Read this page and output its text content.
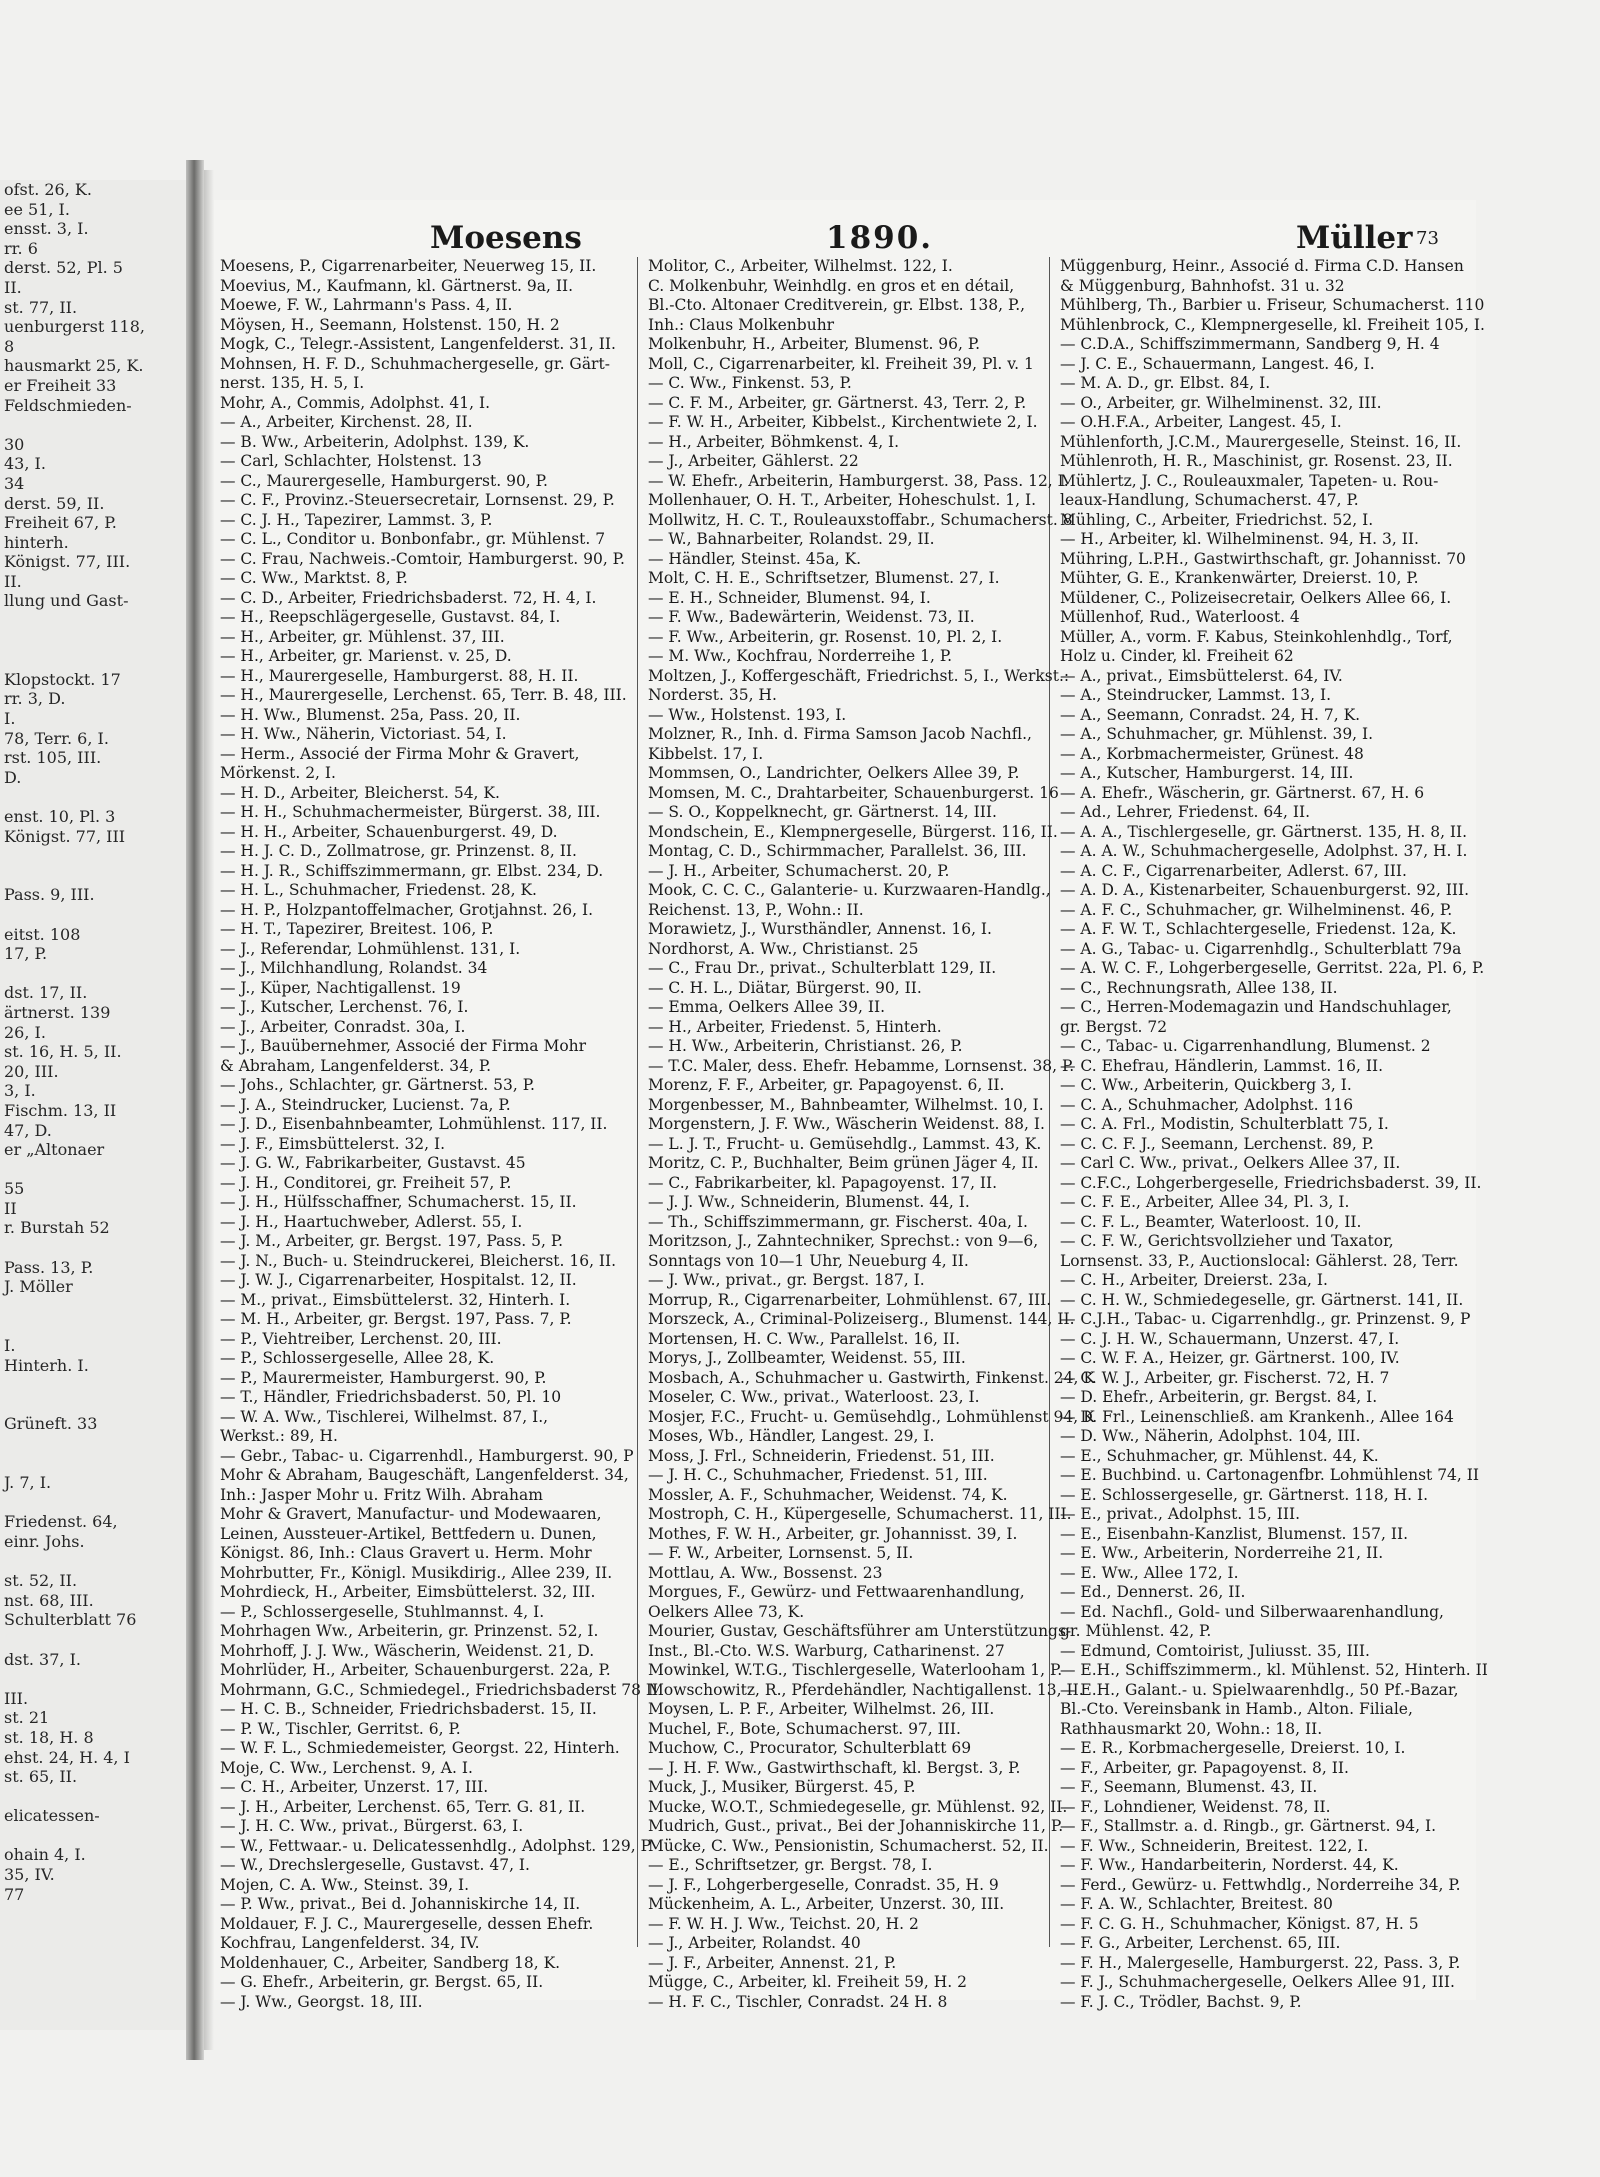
ofst. 26, K.
ee 51, I.
ensst. 3, I.
rr. 6
derst. 52, Pl. 5
II.
st. 77, II.
uenburgerst 118,
8
hausmarkt 25, K.
er Freiheit 33
Feldschmieden-

30
43, I.
34
derst. 59, II.
Freiheit 67, P.
hinterh.
Königst. 77, III.
II.
llung und Gast-

Klopstockt. 17
rr. 3, D.
I.
78, Terr. 6, I.
rst. 105, III.
D.

enst. 10, Pl. 3
Königst. 77, III

Pass. 9, III.

eitst. 108
17, P.

dst. 17, II.
ärtnerst. 139
26, I.
st. 16, H. 5, II.
20, III.
3, I.
Fischm. 13, II
47, D.
er „Altonaer

55
II
r. Burstah 52

Pass. 13, P.
J. Möller

I.
Hinterh. I.

Grüneft. 33

J. 7, I.

Friedenst. 64,
einr. Johs.

st. 52, II.
nst. 68, III.
Schulterblatt 76

dst. 37, I.

III.
st. 21
st. 18, H. 8
ehst. 24, H. 4, I
st. 65, II.

elicatessen-

ohain 4, I.
35, IV.
77
Moesens	1890.	Müller 73
Moesens, P., Cigarrenarbeiter, Neuerweg 15, II.
Moevius, M., Kaufmann, kl. Gärtnerst. 9a, II.
Moewe, F. W., Lahrmann's Pass. 4, II.
Möysen, H., Seemann, Holstenst. 150, H. 2
Mogk, C., Telegr.-Assistent, Langenfelderst. 31, II.
Mohnsen, H. F. D., Schuhmachergeselle, gr. Gärt-
nerst. 135, H. 5, I.
Mohr, A., Commis, Adolphst. 41, I.
— A., Arbeiter, Kirchenst. 28, II.
— B. Ww., Arbeiterin, Adolphst. 139, K.
— Carl, Schlachter, Holstenst. 13
— C., Maurergeselle, Hamburgerst. 90, P.
— C. F., Provinz.-Steuersecretair, Lornsenst. 29, P.
— C. J. H., Tapezirer, Lammst. 3, P.
— C. L., Conditor u. Bonbonfabr., gr. Mühlenst. 7
— C. Frau, Nachweis.-Comtoir, Hamburgerst. 90, P.
— C. Ww., Marktst. 8, P.
— C. D., Arbeiter, Friedrichsbaderst. 72, H. 4, I.
— H., Reepschlägergeselle, Gustavst. 84, I.
— H., Arbeiter, gr. Mühlenst. 37, III.
— H., Arbeiter, gr. Marienst. v. 25, D.
— H., Maurergeselle, Hamburgerst. 88, H. II.
— H., Maurergeselle, Lerchenst. 65, Terr. B. 48, III.
— H. Ww., Blumenst. 25a, Pass. 20, II.
— H. Ww., Näherin, Victoriast. 54, I.
— Herm., Associé der Firma Mohr & Gravert,
Mörkenst. 2, I.
— H. D., Arbeiter, Bleicherst. 54, K.
— H. H., Schuhmachermeister, Bürgerst. 38, III.
— H. H., Arbeiter, Schauenburgerst. 49, D.
— H. J. C. D., Zollmatrose, gr. Prinzenst. 8, II.
— H. J. R., Schiffszimmermann, gr. Elbst. 234, D.
— H. L., Schuhmacher, Friedenst. 28, K.
— H. P., Holzpantoffelmacher, Grotjahnst. 26, I.
— H. T., Tapezirer, Breitest. 106, P.
— J., Referendar, Lohmühlenst. 131, I.
— J., Milchhandlung, Rolandst. 34
— J., Küper, Nachtigallenst. 19
— J., Kutscher, Lerchenst. 76, I.
— J., Arbeiter, Conradst. 30a, I.
— J., Bauübernehmer, Associé der Firma Mohr
& Abraham, Langenfelderst. 34, P.
— Johs., Schlachter, gr. Gärtnerst. 53, P.
— J. A., Steindrucker, Lucienst. 7a, P.
— J. D., Eisenbahnbeamter, Lohmühlenst. 117, II.
— J. F., Eimsbüttelerst. 32, I.
— J. G. W., Fabrikarbeiter, Gustavst. 45
— J. H., Conditorei, gr. Freiheit 57, P.
— J. H., Hülfsschaffner, Schumacherst. 15, II.
— J. H., Haartuchweber, Adlerst. 55, I.
— J. M., Arbeiter, gr. Bergst. 197, Pass. 5, P.
— J. N., Buch- u. Steindruckerei, Bleicherst. 16, II.
— J. W. J., Cigarrenarbeiter, Hospitalst. 12, II.
— M., privat., Eimsbüttelerst. 32, Hinterh. I.
— M. H., Arbeiter, gr. Bergst. 197, Pass. 7, P.
— P., Viehtreiber, Lerchenst. 20, III.
— P., Schlossergeselle, Allee 28, K.
— P., Maurermeister, Hamburgerst. 90, P.
— T., Händler, Friedrichsbaderst. 50, Pl. 10
— W. A. Ww., Tischlerei, Wilhelmst. 87, I.,
Werkst.: 89, H.
— Gebr., Tabac- u. Cigarrenhdl., Hamburgerst. 90, P
Mohr & Abraham, Baugeschäft, Langenfelderst. 34,
Inh.: Jasper Mohr u. Fritz Wilh. Abraham
Mohr & Gravert, Manufactur- und Modewaaren,
Leinen, Aussteuer-Artikel, Bettfedern u. Dunen,
Königst. 86, Inh.: Claus Gravert u. Herm. Mohr
Mohrbutter, Fr., Königl. Musikdirig., Allee 239, II.
Mohrdieck, H., Arbeiter, Eimsbüttelerst. 32, III.
— P., Schlossergeselle, Stuhlmannst. 4, I.
Mohrhagen Ww., Arbeiterin, gr. Prinzenst. 52, I.
Mohrhoff, J. J. Ww., Wäscherin, Weidenst. 21, D.
Mohrlüder, H., Arbeiter, Schauenburgerst. 22a, P.
Mohrmann, G.C., Schmiedegel., Friedrichsbaderst 78 II
— H. C. B., Schneider, Friedrichsbaderst. 15, II.
— P. W., Tischler, Gerritst. 6, P.
— W. F. L., Schmiedemeister, Georgst. 22, Hinterh.
Moje, C. Ww., Lerchenst. 9, A. I.
— C. H., Arbeiter, Unzerst. 17, III.
— J. H., Arbeiter, Lerchenst. 65, Terr. G. 81, II.
— J. H. C. Ww., privat., Bürgerst. 63, I.
— W., Fettwaar.- u. Delicatessenhdlg., Adolphst. 129, P
— W., Drechslergeselle, Gustavst. 47, I.
Mojen, C. A. Ww., Steinst. 39, I.
— P. Ww., privat., Bei d. Johanniskirche 14, II.
Moldauer, F. J. C., Maurergeselle, dessen Ehefr.
Kochfrau, Langenfelderst. 34, IV.
Moldenhauer, C., Arbeiter, Sandberg 18, K.
— G. Ehefr., Arbeiterin, gr. Bergst. 65, II.
— J. Ww., Georgst. 18, III.
Molitor, C., Arbeiter, Wilhelmst. 122, I.
C. Molkenbuhr, Weinhdlg. en gros et en détail,
Bl.-Cto. Altonaer Creditverein, gr. Elbst. 138, P.,
Inh.: Claus Molkenbuhr
Molkenbuhr, H., Arbeiter, Blumenst. 96, P.
Moll, C., Cigarrenarbeiter, kl. Freiheit 39, Pl. v. 1
— C. Ww., Finkenst. 53, P.
— C. F. M., Arbeiter, gr. Gärtnerst. 43, Terr. 2, P.
— F. W. H., Arbeiter, Kibbelst., Kirchentwiete 2, I.
— H., Arbeiter, Böhmkenst. 4, I.
— J., Arbeiter, Gählerst. 22
— W. Ehefr., Arbeiterin, Hamburgerst. 38, Pass. 12, I.
Mollenhauer, O. H. T., Arbeiter, Hoheschulst. 1, I.
Mollwitz, H. C. T., Rouleauxstoffabr., Schumacherst. 8
— W., Bahnarbeiter, Rolandst. 29, II.
— Händler, Steinst. 45a, K.
Molt, C. H. E., Schriftsetzer, Blumenst. 27, I.
— E. H., Schneider, Blumenst. 94, I.
— F. Ww., Badewärterin, Weidenst. 73, II.
— F. Ww., Arbeiterin, gr. Rosenst. 10, Pl. 2, I.
— M. Ww., Kochfrau, Norderreihe 1, P.
Moltzen, J., Koffergeschäft, Friedrichst. 5, I., Werkst.:
Norderst. 35, H.
— Ww., Holstenst. 193, I.
Molzner, R., Inh. d. Firma Samson Jacob Nachfl.,
Kibbelst. 17, I.
Mommsen, O., Landrichter, Oelkers Allee 39, P.
Momsen, M. C., Drahtarbeiter, Schauenburgerst. 16
— S. O., Koppelknecht, gr. Gärtnerst. 14, III.
Mondschein, E., Klempnergeselle, Bürgerst. 116, II.
Montag, C. D., Schirmmacher, Parallelst. 36, III.
— J. H., Arbeiter, Schumacherst. 20, P.
Mook, C. C. C., Galanterie- u. Kurzwaaren-Handlg.,
Reichenst. 13, P., Wohn.: II.
Morawietz, J., Wursthändler, Annenst. 16, I.
Nordhorst, A. Ww., Christianst. 25
— C., Frau Dr., privat., Schulterblatt 129, II.
— C. H. L., Diätar, Bürgerst. 90, II.
— Emma, Oelkers Allee 39, II.
— H., Arbeiter, Friedenst. 5, Hinterh.
— H. Ww., Arbeiterin, Christianst. 26, P.
— T.C. Maler, dess. Ehefr. Hebamme, Lornsenst. 38, P.
Morenz, F. F., Arbeiter, gr. Papagoyenst. 6, II.
Morgenbesser, M., Bahnbeamter, Wilhelmst. 10, I.
Morgenstern, J. F. Ww., Wäscherin Weidenst. 88, I.
— L. J. T., Frucht- u. Gemüsehdlg., Lammst. 43, K.
Moritz, C. P., Buchhalter, Beim grünen Jäger 4, II.
— C., Fabrikarbeiter, kl. Papagoyenst. 17, II.
— J. J. Ww., Schneiderin, Blumenst. 44, I.
— Th., Schiffszimmermann, gr. Fischerst. 40a, I.
Moritzson, J., Zahntechniker, Sprechst.: von 9—6,
Sonntags von 10—1 Uhr, Neueburg 4, II.
— J. Ww., privat., gr. Bergst. 187, I.
Morrup, R., Cigarrenarbeiter, Lohmühlenst. 67, III.
Morszeck, A., Criminal-Polizeiserg., Blumenst. 144, II.
Mortensen, H. C. Ww., Parallelst. 16, II.
Morys, J., Zollbeamter, Weidenst. 55, III.
Mosbach, A., Schuhmacher u. Gastwirth, Finkenst. 24, K
Moseler, C. Ww., privat., Waterloost. 23, I.
Mosjer, F.C., Frucht- u. Gemüsehdlg., Lohmühlenst 94, K
Moses, Wb., Händler, Langest. 29, I.
Moss, J. Frl., Schneiderin, Friedenst. 51, III.
— J. H. C., Schuhmacher, Friedenst. 51, III.
Mossler, A. F., Schuhmacher, Weidenst. 74, K.
Mostroph, C. H., Küpergeselle, Schumacherst. 11, III.
Mothes, F. W. H., Arbeiter, gr. Johannisst. 39, I.
— F. W., Arbeiter, Lornsenst. 5, II.
Mottlau, A. Ww., Bossenst. 23
Morgues, F., Gewürz- und Fettwaarenhandlung,
Oelkers Allee 73, K.
Mourier, Gustav, Geschäftsführer am Unterstützungs-
Inst., Bl.-Cto. W.S. Warburg, Catharinenst. 27
Mowinkel, W.T.G., Tischlergeselle, Waterlooham 1, P.
Mowschowitz, R., Pferdehändler, Nachtigallenst. 13, II.
Moysen, L. P. F., Arbeiter, Wilhelmst. 26, III.
Muchel, F., Bote, Schumacherst. 97, III.
Muchow, C., Procurator, Schulterblatt 69
— J. H. F. Ww., Gastwirthschaft, kl. Bergst. 3, P.
Muck, J., Musiker, Bürgerst. 45, P.
Mucke, W.O.T., Schmiedegeselle, gr. Mühlenst. 92, II.
Mudrich, Gust., privat., Bei der Johanniskirche 11, P.
Mücke, C. Ww., Pensionistin, Schumacherst. 52, II.
— E., Schriftsetzer, gr. Bergst. 78, I.
— J. F., Lohgerbergeselle, Conradst. 35, H. 9
Mückenheim, A. L., Arbeiter, Unzerst. 30, III.
— F. W. H. J. Ww., Teichst. 20, H. 2
— J., Arbeiter, Rolandst. 40
— J. F., Arbeiter, Annenst. 21, P.
Mügge, C., Arbeiter, kl. Freiheit 59, H. 2
— H. F. C., Tischler, Conradst. 24 H. 8
Müggenburg, Heinr., Associé d. Firma C.D. Hansen
& Müggenburg, Bahnhofst. 31 u. 32
Mühlberg, Th., Barbier u. Friseur, Schumacherst. 110
Mühlenbrock, C., Klempnergeselle, kl. Freiheit 105, I.
— C.D.A., Schiffszimmermann, Sandberg 9, H. 4
— J. C. E., Schauermann, Langest. 46, I.
— M. A. D., gr. Elbst. 84, I.
— O., Arbeiter, gr. Wilhelminenst. 32, III.
— O.H.F.A., Arbeiter, Langest. 45, I.
Mühlenforth, J.C.M., Maurergeselle, Steinst. 16, II.
Mühlenroth, H. R., Maschinist, gr. Rosenst. 23, II.
Mühlertz, J. C., Rouleauxmaler, Tapeten- u. Rou-
leaux-Handlung, Schumacherst. 47, P.
Mühling, C., Arbeiter, Friedrichst. 52, I.
— H., Arbeiter, kl. Wilhelminenst. 94, H. 3, II.
Mühring, L.P.H., Gastwirthschaft, gr. Johannisst. 70
Mühter, G. E., Krankenwärter, Dreierst. 10, P.
Müldener, C., Polizeisecretair, Oelkers Allee 66, I.
Müllenhof, Rud., Waterloost. 4
Müller, A., vorm. F. Kabus, Steinkohlenhdlg., Torf,
Holz u. Cinder, kl. Freiheit 62
— A., privat., Eimsbüttelerst. 64, IV.
— A., Steindrucker, Lammst. 13, I.
— A., Seemann, Conradst. 24, H. 7, K.
— A., Schuhmacher, gr. Mühlenst. 39, I.
— A., Korbmachermeister, Grünest. 48
— A., Kutscher, Hamburgerst. 14, III.
— A. Ehefr., Wäscherin, gr. Gärtnerst. 67, H. 6
— Ad., Lehrer, Friedenst. 64, II.
— A. A., Tischlergeselle, gr. Gärtnerst. 135, H. 8, II.
— A. A. W., Schuhmachergeselle, Adolphst. 37, H. I.
— A. C. F., Cigarrenarbeiter, Adlerst. 67, III.
— A. D. A., Kistenarbeiter, Schauenburgerst. 92, III.
— A. F. C., Schuhmacher, gr. Wilhelminenst. 46, P.
— A. F. W. T., Schlachtergeselle, Friedenst. 12a, K.
— A. G., Tabac- u. Cigarrenhdlg., Schulterblatt 79a
— A. W. C. F., Lohgerbergeselle, Gerritst. 22a, Pl. 6, P.
— C., Rechnungsrath, Allee 138, II.
— C., Herren-Modemagazin und Handschuhlager,
gr. Bergst. 72
— C., Tabac- u. Cigarrenhandlung, Blumenst. 2
— C. Ehefrau, Händlerin, Lammst. 16, II.
— C. Ww., Arbeiterin, Quickberg 3, I.
— C. A., Schuhmacher, Adolphst. 116
— C. A. Frl., Modistin, Schulterblatt 75, I.
— C. C. F. J., Seemann, Lerchenst. 89, P.
— Carl C. Ww., privat., Oelkers Allee 37, II.
— C.F.C., Lohgerbergeselle, Friedrichsbaderst. 39, II.
— C. F. E., Arbeiter, Allee 34, Pl. 3, I.
— C. F. L., Beamter, Waterloost. 10, II.
— C. F. W., Gerichtsvollzieher und Taxator,
Lornsenst. 33, P., Auctionslocal: Gählerst. 28, Terr.
— C. H., Arbeiter, Dreierst. 23a, I.
— C. H. W., Schmiedegeselle, gr. Gärtnerst. 141, II.
— C.J.H., Tabac- u. Cigarrenhdlg., gr. Prinzenst. 9, P
— C. J. H. W., Schauermann, Unzerst. 47, I.
— C. W. F. A., Heizer, gr. Gärtnerst. 100, IV.
— C. W. J., Arbeiter, gr. Fischerst. 72, H. 7
— D. Ehefr., Arbeiterin, gr. Bergst. 84, I.
— D. Frl., Leinenschließ. am Krankenh., Allee 164
— D. Ww., Näherin, Adolphst. 104, III.
— E., Schuhmacher, gr. Mühlenst. 44, K.
— E. Buchbind. u. Cartonagenfbr. Lohmühlenst 74, II
— E. Schlossergeselle, gr. Gärtnerst. 118, H. I.
— E., privat., Adolphst. 15, III.
— E., Eisenbahn-Kanzlist, Blumenst. 157, II.
— E. Ww., Arbeiterin, Norderreihe 21, II.
— E. Ww., Allee 172, I.
— Ed., Dennerst. 26, II.
— Ed. Nachfl., Gold- und Silberwaarenhandlung,
gr. Mühlenst. 42, P.
— Edmund, Comtoirist, Juliusst. 35, III.
— E.H., Schiffszimmerm., kl. Mühlenst. 52, Hinterh. II
— E.H., Galant.- u. Spielwaarenhdlg., 50 Pf.-Bazar,
Bl.-Cto. Vereinsbank in Hamb., Alton. Filiale,
Rathhausmarkt 20, Wohn.: 18, II.
— E. R., Korbmachergeselle, Dreierst. 10, I.
— F., Arbeiter, gr. Papagoyenst. 8, II.
— F., Seemann, Blumenst. 43, II.
— F., Lohndiener, Weidenst. 78, II.
— F., Stallmstr. a. d. Ringb., gr. Gärtnerst. 94, I.
— F. Ww., Schneiderin, Breitest. 122, I.
— F. Ww., Handarbeiterin, Norderst. 44, K.
— Ferd., Gewürz- u. Fettwhdlg., Norderreihe 34, P.
— F. A. W., Schlachter, Breitest. 80
— F. C. G. H., Schuhmacher, Königst. 87, H. 5
— F. G., Arbeiter, Lerchenst. 65, III.
— F. H., Malergeselle, Hamburgerst. 22, Pass. 3, P.
— F. J., Schuhmachergeselle, Oelkers Allee 91, III.
— F. J. C., Trödler, Bachst. 9, P.
